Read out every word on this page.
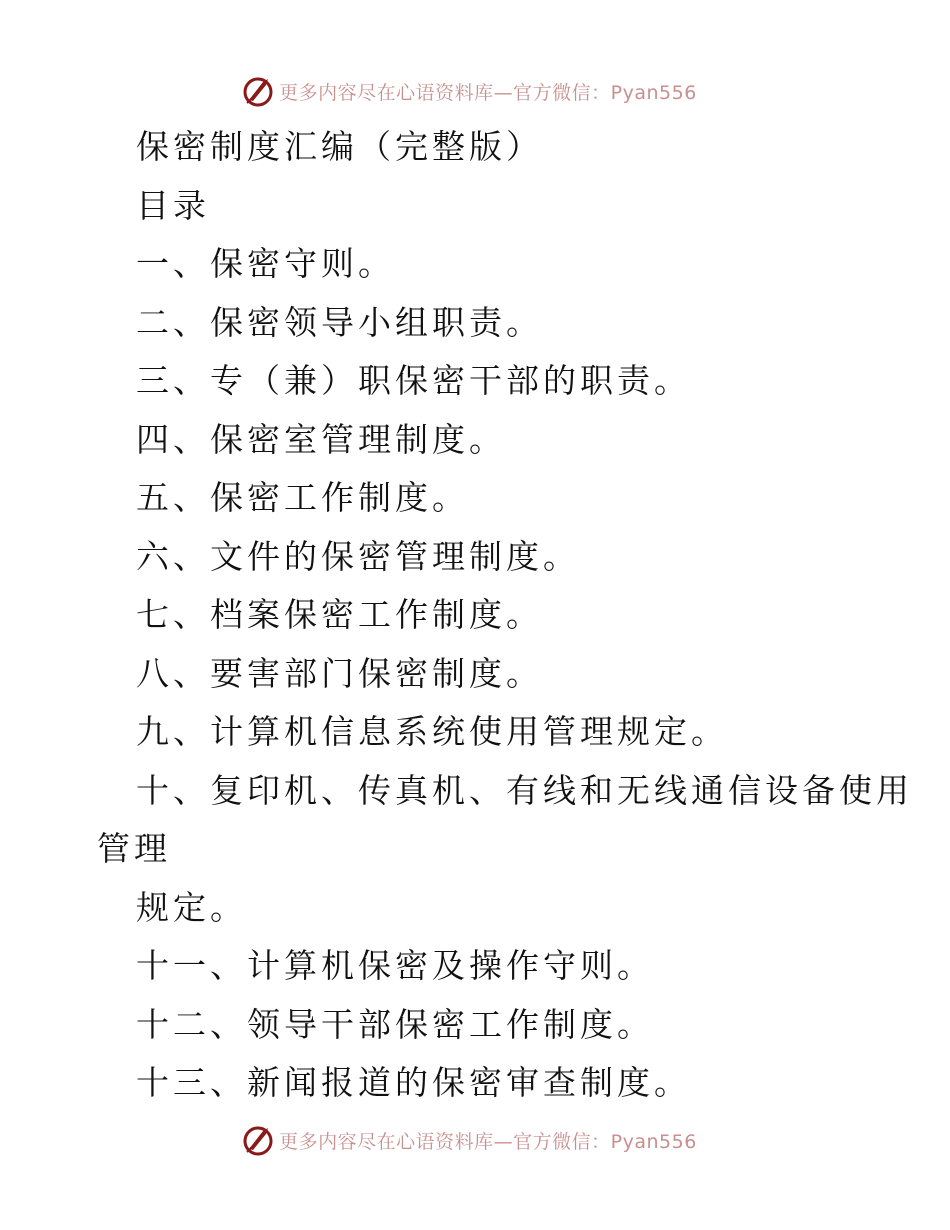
更多内容尽在心语资料库—官方微信：Pyan556
保密制度汇编（完整版）
目录
一、保密守则。
二、保密领导小组职责。
三、专（兼）职保密干部的职责。
四、保密室管理制度。
五、保密工作制度。
六、文件的保密管理制度。
七、档案保密工作制度。
八、要害部门保密制度。
九、计算机信息系统使用管理规定。
十、复印机、传真机、有线和无线通信设备使用
管理
规定。
十一、计算机保密及操作守则。
十二、领导干部保密工作制度。
十三、新闻报道的保密审查制度。
更多内容尽在心语资料库—官方微信：Pyan556
